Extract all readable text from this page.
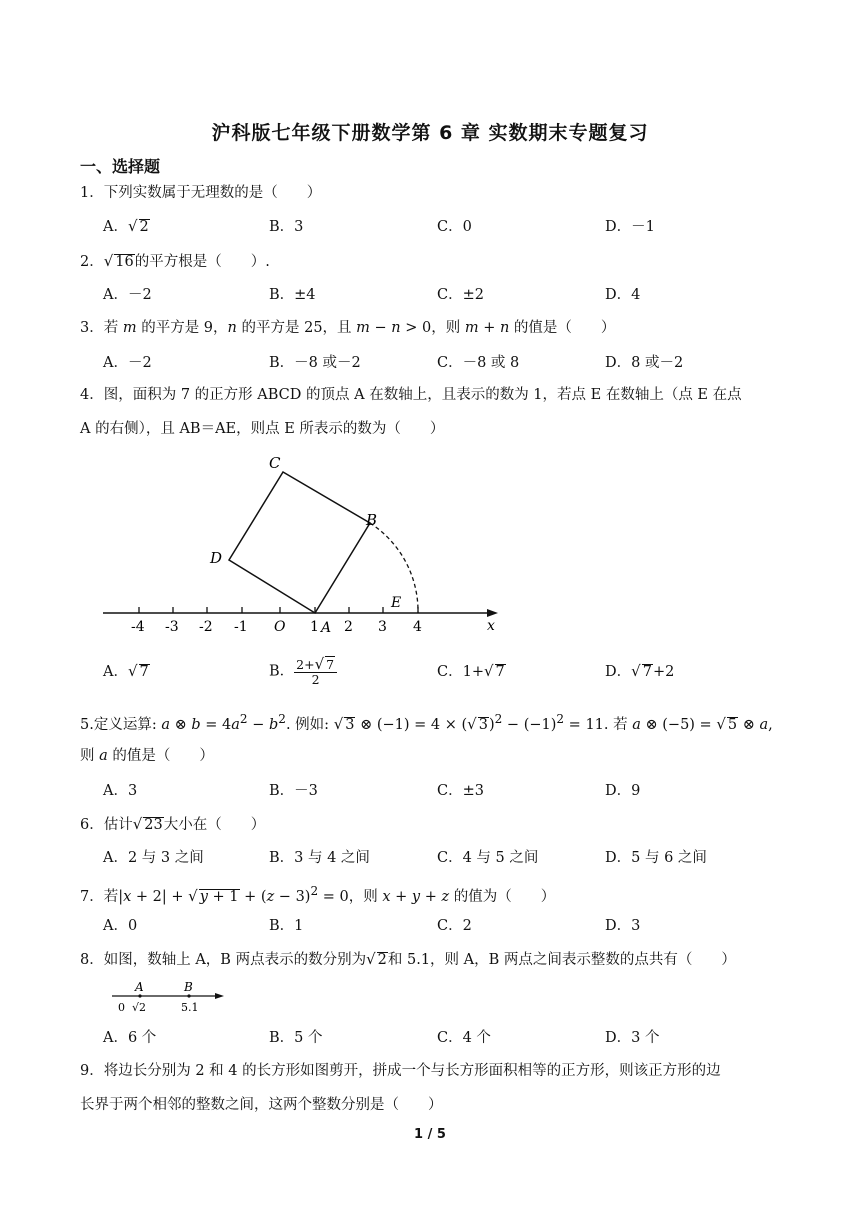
沪科版七年级下册数学第 6 章 实数期末专题复习
一、选择题
1．下列实数属于无理数的是（　　）
A．√ 2	B．3	C．0	D．－1
2．√ 16的平方根是（　　）.
A．－2	B．±4	C．±2	D．4
3．若 m 的平方是 9，n 的平方是 25，且 m − n > 0，则 m + n 的值是（　　）
A．－2	B．－8 或－2	C．－8 或 8	D．8 或－2
4．图，面积为 7 的正方形 ABCD 的顶点 A 在数轴上，且表示的数为 1，若点 E 在数轴上（点 E 在点
A 的右侧），且 AB＝AE，则点 E 所表示的数为（　　）
C
B
D
E
x
-4 -3 -2 -1 O 1 A 2 3 4
A．√ 7	B． $\frac{2+√ 7}{2}$	C．1+√ 7	D．√ 7+2
5.定义运算: a ⊗ $b = 4a^2 - b^2$. 例如: √ 3 ⊗ (−1) = 4 × (√ $3)^2 - (-1)^2 = 11$. 若 a ⊗ (−5) = √ 5 ⊗ a,
则 a 的值是（　　）
A．3	B．－3	C．±3	D．9
6．估计√ 23大小在（　　）
A．2 与 3 之间	B．3 与 4 之间	C．4 与 5 之间	D．5 与 6 之间
7．若|x + 2| + √ $y + 1 + (z - 3)^2 = 0$，则 x + y + z 的值为（　　）
A．0	B．1	C．2	D．3
8．如图，数轴上 A，B 两点表示的数分别为√ 2和 5.1，则 A，B 两点之间表示整数的点共有（　　）
A	B
0 √2	5.1
A．6 个	B．5 个	C．4 个	D．3 个
9．将边长分别为 2 和 4 的长方形如图剪开，拼成一个与长方形面积相等的正方形，则该正方形的边
长界于两个相邻的整数之间，这两个整数分别是（　　）
1 / 5
